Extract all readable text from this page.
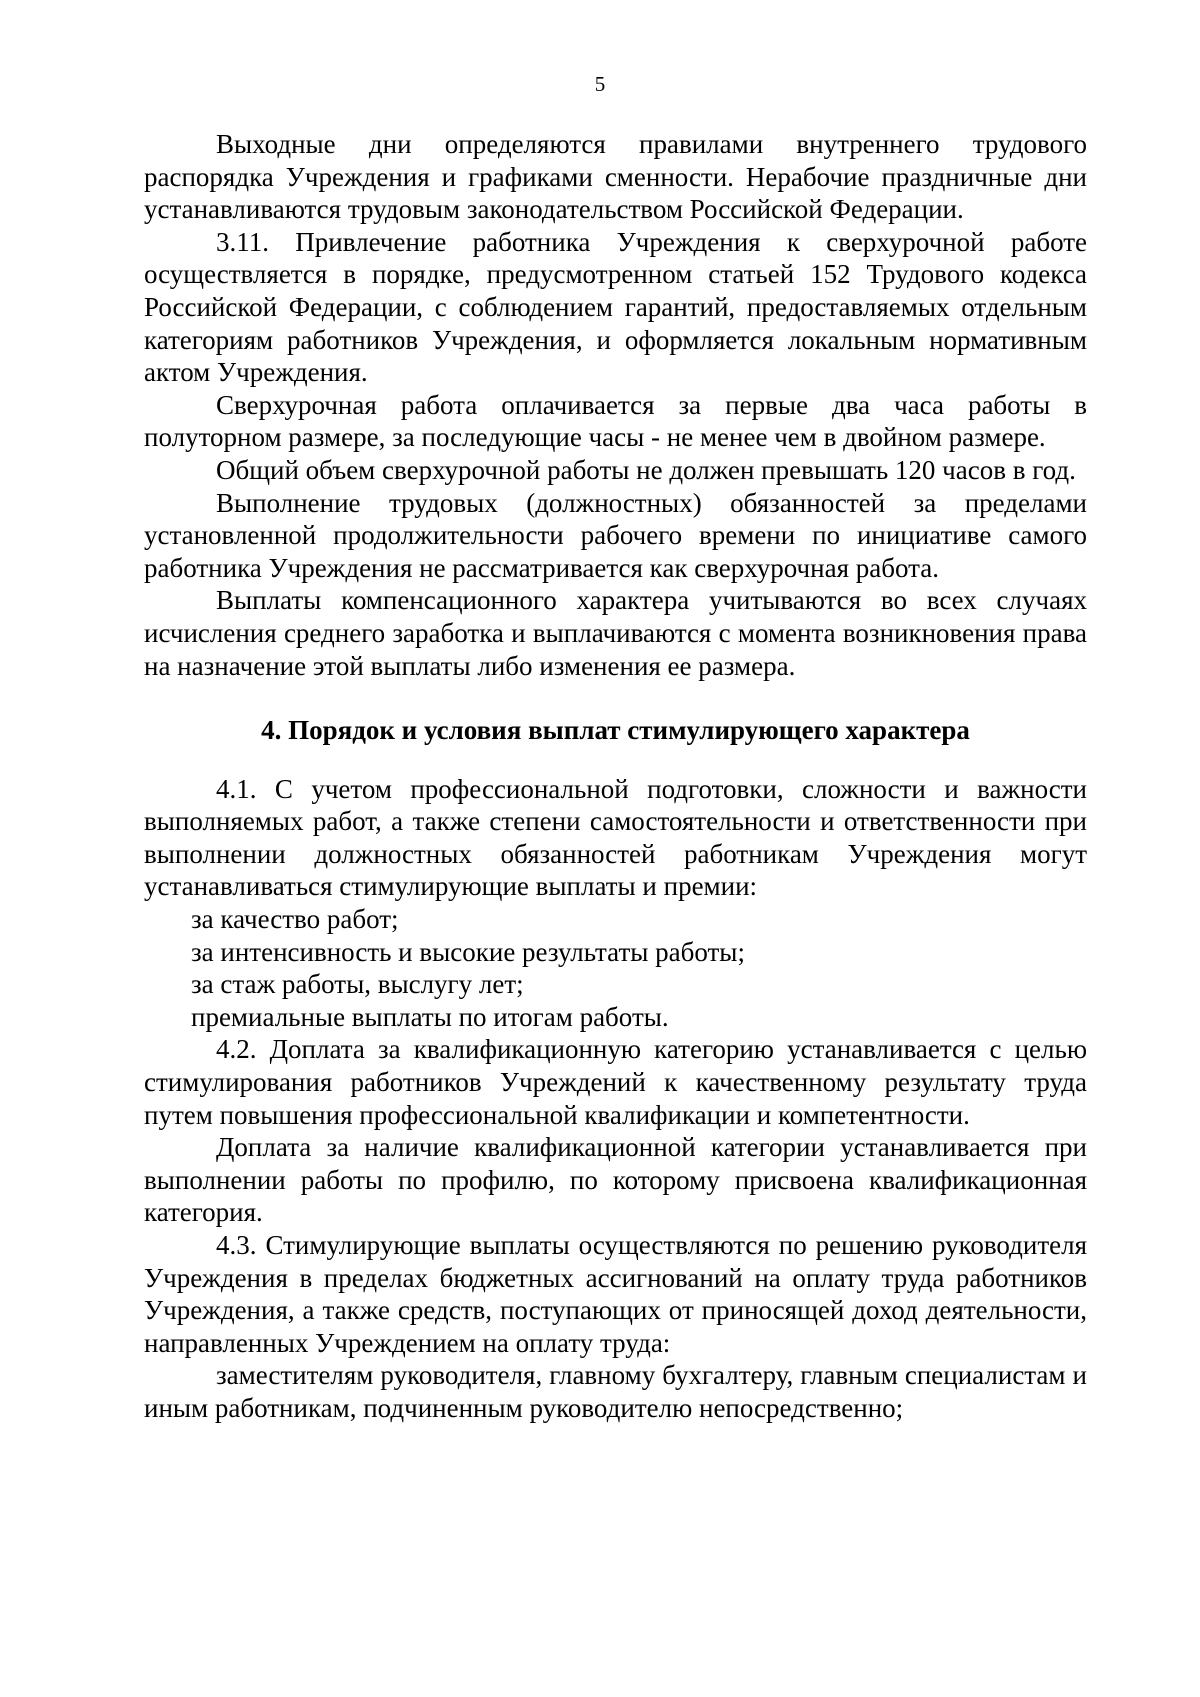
5

Выходные дни определяются правилами внутреннего трудового распорядка Учреждения и графиками сменности. Нерабочие праздничные дни устанавливаются трудовым законодательством Российской Федерации.

3.11. Привлечение работника Учреждения к сверхурочной работе осуществляется в порядке, предусмотренном статьей 152 Трудового кодекса Российской Федерации, с соблюдением гарантий, предоставляемых отдельным категориям работников Учреждения, и оформляется локальным нормативным актом Учреждения.

Сверхурочная работа оплачивается за первые два часа работы в полуторном размере, за последующие часы - не менее чем в двойном размере.

Общий объем сверхурочной работы не должен превышать 120 часов в год.

Выполнение трудовых (должностных) обязанностей за пределами установленной продолжительности рабочего времени по инициативе самого работника Учреждения не рассматривается как сверхурочная работа.

Выплаты компенсационного характера учитываются во всех случаях исчисления среднего заработка и выплачиваются с момента возникновения права на назначение этой выплаты либо изменения ее размера.

4. Порядок и условия выплат стимулирующего характера

4.1. С учетом профессиональной подготовки, сложности и важности выполняемых работ, а также степени самостоятельности и ответственности при выполнении должностных обязанностей работникам Учреждения могут устанавливаться стимулирующие выплаты и премии:

за качество работ;

за интенсивность и высокие результаты работы;

за стаж работы, выслугу лет;

премиальные выплаты по итогам работы.

4.2. Доплата за квалификационную категорию устанавливается с целью стимулирования работников Учреждений к качественному результату труда путем повышения профессиональной квалификации и компетентности.

Доплата за наличие квалификационной категории устанавливается при выполнении работы по профилю, по которому присвоена квалификационная категория.

4.3. Стимулирующие выплаты осуществляются по решению руководителя Учреждения в пределах бюджетных ассигнований на оплату труда работников Учреждения, а также средств, поступающих от приносящей доход деятельности, направленных Учреждением на оплату труда:

заместителям руководителя, главному бухгалтеру, главным специалистам и иным работникам, подчиненным руководителю непосредственно;
